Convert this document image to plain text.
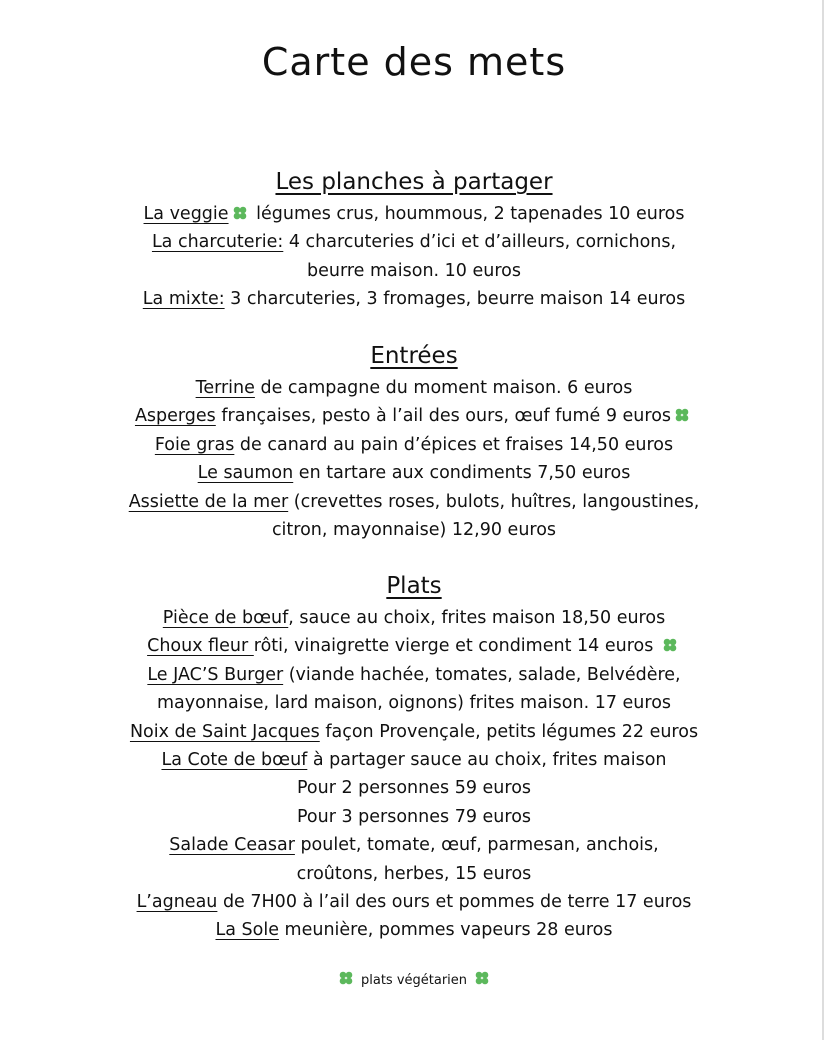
Carte des mets
Les planches à partager
La veggie légumes crus, hoummous, 2 tapenades 10 euros
La charcuterie: 4 charcuteries d’ici et d’ailleurs, cornichons,
beurre maison. 10 euros
La mixte: 3 charcuteries, 3 fromages, beurre maison 14 euros
Entrées
Terrine de campagne du moment maison. 6 euros
Asperges françaises, pesto à l’ail des ours, œuf fumé 9 euros
Foie gras de canard au pain d’épices et fraises 14,50 euros
Le saumon en tartare aux condiments 7,50 euros
Assiette de la mer (crevettes roses, bulots, huîtres, langoustines,
citron, mayonnaise) 12,90 euros
Plats
Pièce de bœuf, sauce au choix, frites maison 18,50 euros
Choux fleur rôti, vinaigrette vierge et condiment 14 euros
Le JAC’S Burger (viande hachée, tomates, salade, Belvédère,
mayonnaise, lard maison, oignons) frites maison. 17 euros
Noix de Saint Jacques façon Provençale, petits légumes 22 euros
La Cote de bœuf à partager sauce au choix, frites maison
Pour 2 personnes 59 euros
Pour 3 personnes 79 euros
Salade Ceasar poulet, tomate, œuf, parmesan, anchois,
croûtons, herbes, 15 euros
L’agneau de 7H00 à l’ail des ours et pommes de terre 17 euros
La Sole meunière, pommes vapeurs 28 euros
plats végétarien
